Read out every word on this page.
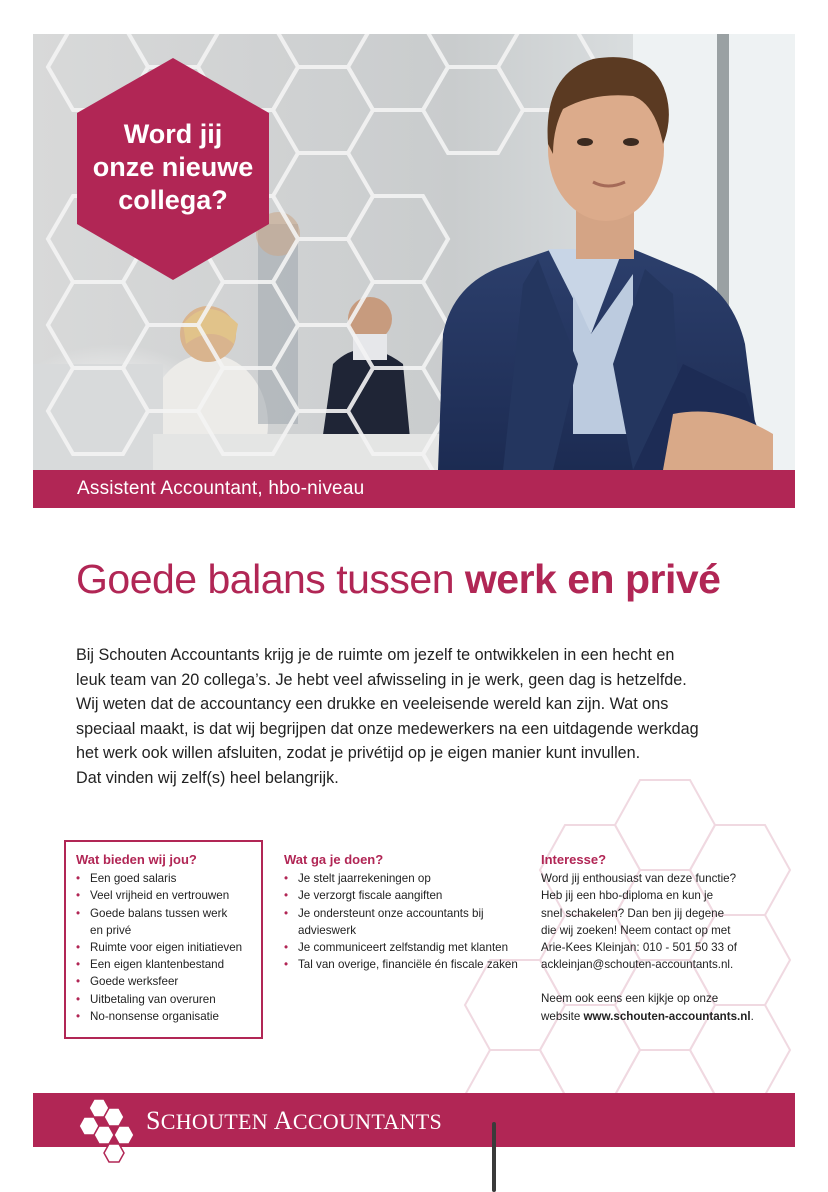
Word jij
onze nieuwe
collega?
Assistent Accountant, hbo-niveau
Goede balans tussen werk en privé
Bij Schouten Accountants krijg je de ruimte om jezelf te ontwikkelen in een hecht en
leuk team van 20 collega’s. Je hebt veel afwisseling in je werk, geen dag is hetzelfde.
Wij weten dat de accountancy een drukke en veeleisende wereld kan zijn. Wat ons
speciaal maakt, is dat wij begrijpen dat onze medewerkers na een uitdagende werkdag
het werk ook willen afsluiten, zodat je privétijd op je eigen manier kunt invullen.
Dat vinden wij zelf(s) heel belangrijk.
Wat bieden wij jou?
• Een goed salaris
• Veel vrijheid en vertrouwen
• Goede balans tussen werk
en privé
• Ruimte voor eigen initiatieven
• Een eigen klantenbestand
• Goede werksfeer
• Uitbetaling van overuren
• No-nonsense organisatie
Wat ga je doen?
• Je stelt jaarrekeningen op
• Je verzorgt fiscale aangiften
• Je ondersteunt onze accountants bij
advieswerk
• Je communiceert zelfstandig met klanten
• Tal van overige, financiële én fiscale zaken
Interesse?

Word jij enthousiast van deze functie?

Heb jij een hbo-diploma en kun je

snel schakelen? Dan ben jij degene

die wij zoeken! Neem contact op met

Arie-Kees Kleinjan: 010 - 501 50 33 of

ackleinjan@schouten-accountants.nl.

Neem ook eens een kijkje op onze

website www.schouten-accountants.nl.

SCHOUTEN ACCOUNTANTS
